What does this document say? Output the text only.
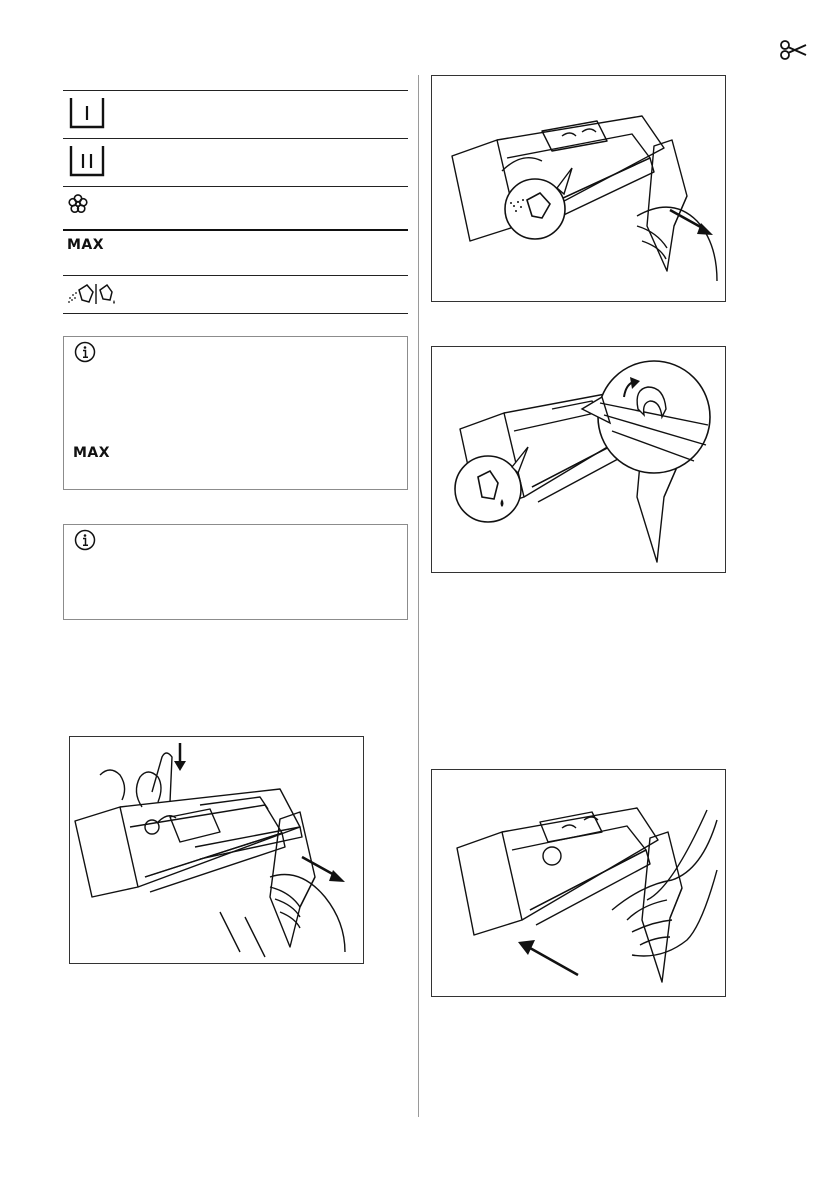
MAX
MAX
